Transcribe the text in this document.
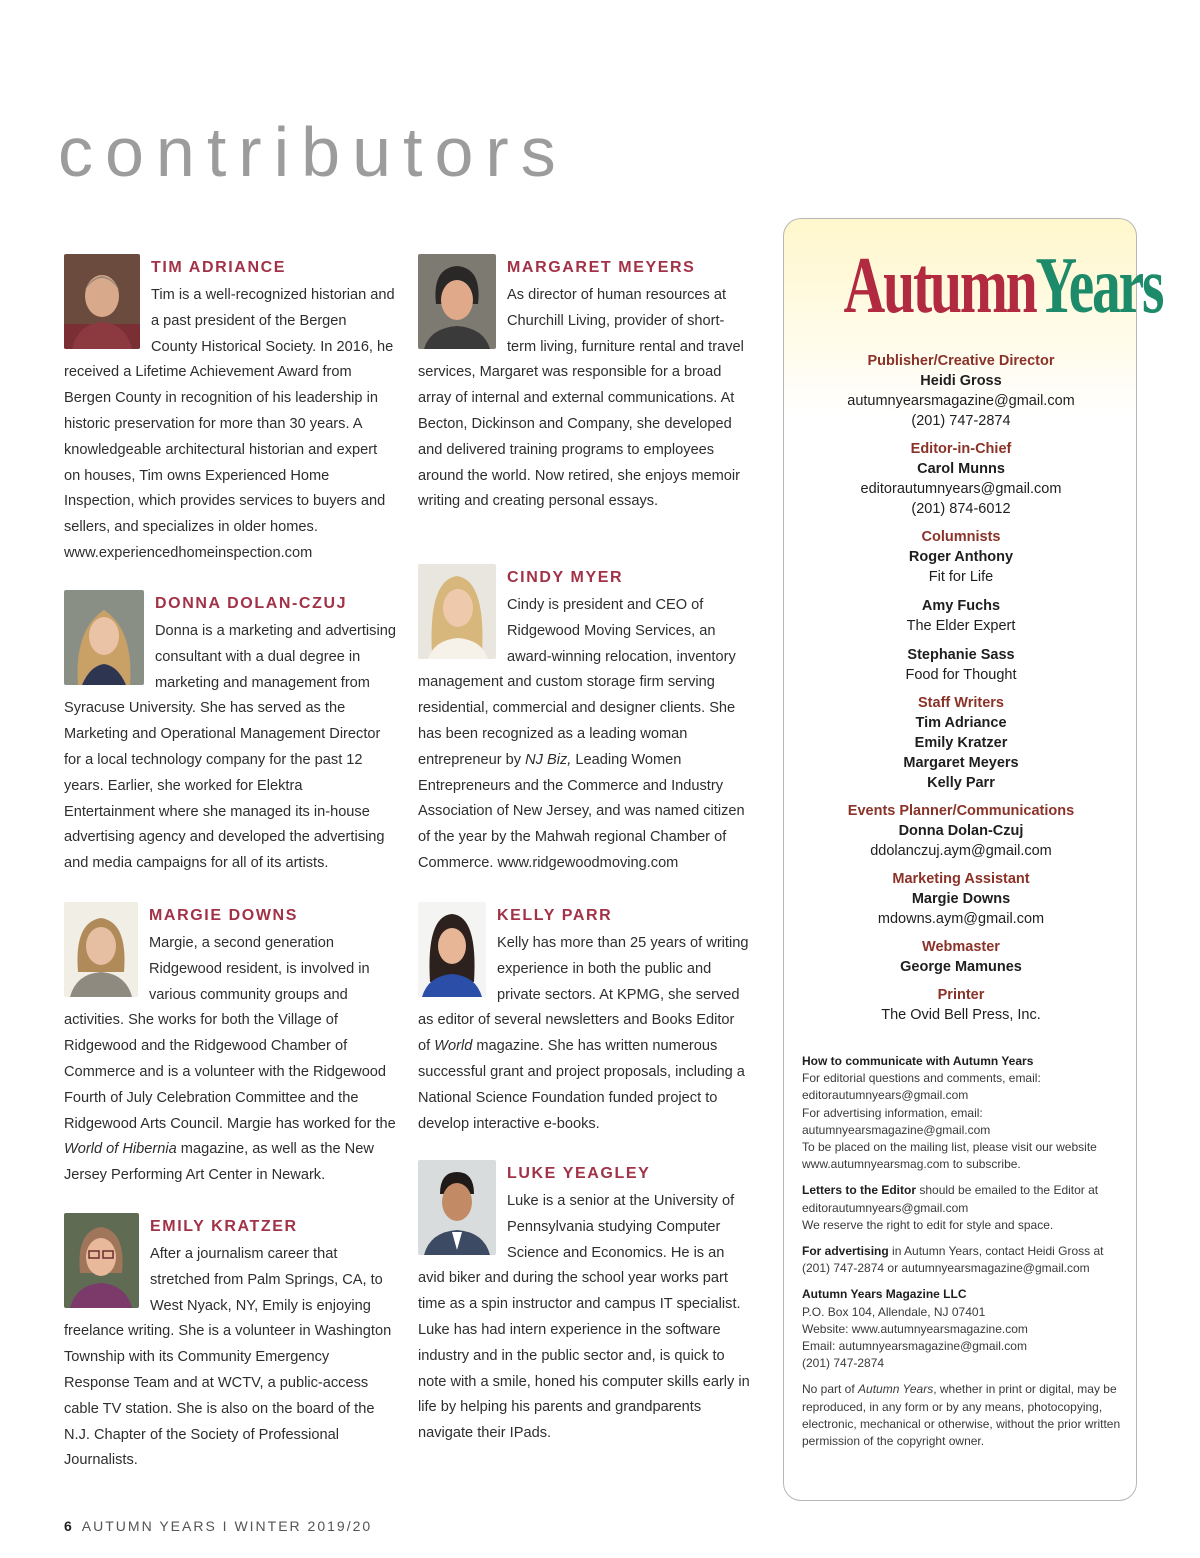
contributors
TIM ADRIANCE

Tim is a well-recognized historian and a past president of the Bergen County Historical Society. In 2016, he received a Lifetime Achievement Award from Bergen County in recognition of his leadership in historic preservation for more than 30 years. A knowledgeable architectural historian and expert on houses, Tim owns Experienced Home Inspection, which provides services to buyers and sellers, and specializes in older homes. www.experiencedhomeinspection.com

DONNA DOLAN-CZUJ

Donna is a marketing and advertising consultant with a dual degree in marketing and management from Syracuse University. She has served as the Marketing and Operational Management Director for a local technology company for the past 12 years. Earlier, she worked for Elektra Entertainment where she managed its in-house advertising agency and developed the advertising and media campaigns for all of its artists.

MARGIE DOWNS

Margie, a second generation Ridgewood resident, is involved in various community groups and activities. She works for both the Village of Ridgewood and the Ridgewood Chamber of Commerce and is a volunteer with the Ridgewood Fourth of July Celebration Committee and the Ridgewood Arts Council. Margie has worked for the World of Hibernia magazine, as well as the New Jersey Performing Art Center in Newark.

EMILY KRATZER

After a journalism career that stretched from Palm Springs, CA, to West Nyack, NY, Emily is enjoying freelance writing. She is a volunteer in Washington Township with its Community Emergency Response Team and at WCTV, a public-access cable TV station. She is also on the board of the N.J. Chapter of the Society of Professional Journalists.

MARGARET MEYERS

As director of human resources at Churchill Living, provider of short-term living, furniture rental and travel services, Margaret was responsible for a broad array of internal and external communications. At Becton, Dickinson and Company, she developed and delivered training programs to employees around the world. Now retired, she enjoys memoir writing and creating personal essays.

CINDY MYER

Cindy is president and CEO of Ridgewood Moving Services, an award-winning relocation, inventory management and custom storage firm serving residential, commercial and designer clients. She has been recognized as a leading woman entrepreneur by NJ Biz, Leading Women Entrepreneurs and the Commerce and Industry Association of New Jersey, and was named citizen of the year by the Mahwah regional Chamber of Commerce. www.ridgewoodmoving.com

KELLY PARR

Kelly has more than 25 years of writing experience in both the public and private sectors. At KPMG, she served as editor of several newsletters and Books Editor of World magazine. She has written numerous successful grant and project proposals, including a National Science Foundation funded project to develop interactive e-books.

LUKE YEAGLEY

Luke is a senior at the University of Pennsylvania studying Computer Science and Economics. He is an avid biker and during the school year works part time as a spin instructor and campus IT specialist. Luke has had intern experience in the software industry and in the public sector and, is quick to note with a smile, honed his computer skills early in life by helping his parents and grandparents navigate their IPads.

AutumnYears
Publisher/Creative Director
Heidi Gross
autumnyearsmagazine@gmail.com
(201) 747-2874
Editor-in-Chief
Carol Munns
editorautumnyears@gmail.com
(201) 874-6012
Columnists
Roger Anthony
Fit for Life
Amy Fuchs
The Elder Expert
Stephanie Sass
Food for Thought
Staff Writers
Tim Adriance
Emily Kratzer
Margaret Meyers
Kelly Parr
Events Planner/Communications
Donna Dolan-Czuj
ddolanczuj.aym@gmail.com
Marketing Assistant
Margie Downs
mdowns.aym@gmail.com
Webmaster
George Mamunes
Printer
The Ovid Bell Press, Inc.

How to communicate with Autumn Years
For editorial questions and comments, email:
editorautumnyears@gmail.com
For advertising information, email:
autumnyearsmagazine@gmail.com
To be placed on the mailing list, please visit our website
www.autumnyearsmag.com to subscribe.

Letters to the Editor should be emailed to the Editor at editorautumnyears@gmail.com
We reserve the right to edit for style and space.

For advertising in Autumn Years, contact Heidi Gross at (201) 747-2874 or autumnyearsmagazine@gmail.com

Autumn Years Magazine LLC
P.O. Box 104, Allendale, NJ 07401
Website: www.autumnyearsmagazine.com
Email: autumnyearsmagazine@gmail.com
(201) 747-2874

No part of Autumn Years, whether in print or digital, may be reproduced, in any form or by any means, photocopying, electronic, mechanical or otherwise, without the prior written permission of the copyright owner.

6 AUTUMN YEARS I WINTER 2019/20
